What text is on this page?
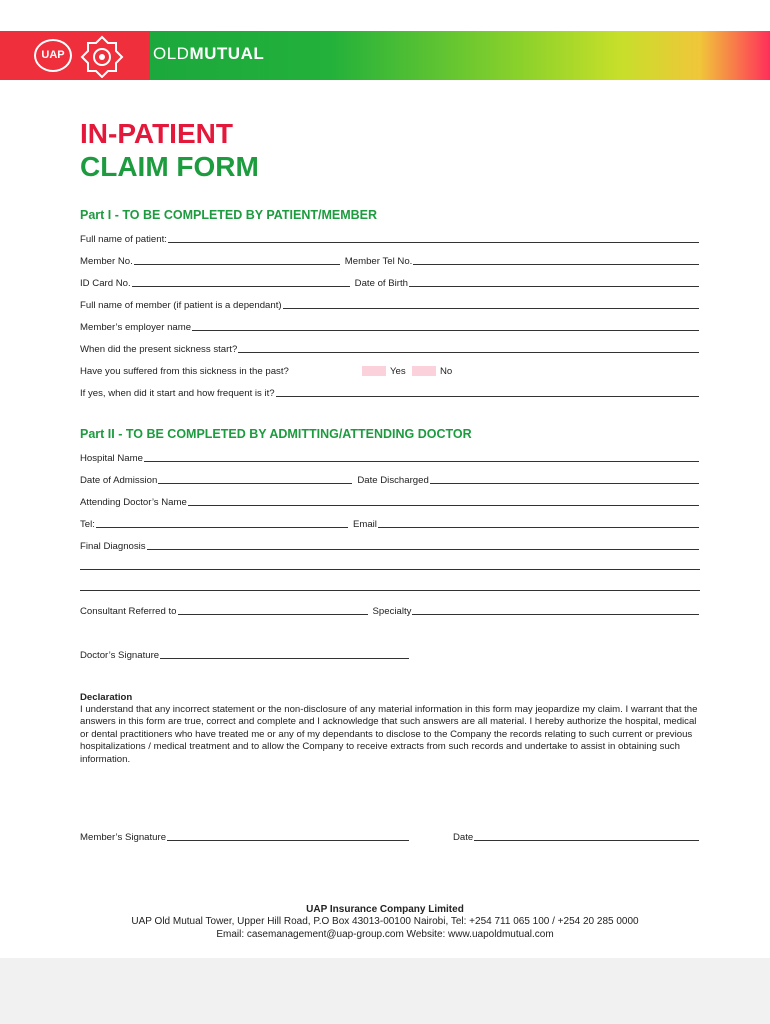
UAP	OLDMUTUAL
IN-PATIENT
CLAIM FORM
Part I - TO BE COMPLETED BY PATIENT/MEMBER
Full name of patient:
Member No.	Member Tel No.
ID Card No.	Date of Birth
Full name of member (if patient is a dependant)
Member’s employer name
When did the present sickness start?
Have you suffered from this sickness in the past?	Yes	No
If yes, when did it start and how frequent is it?
Part II - TO BE COMPLETED BY ADMITTING/ATTENDING DOCTOR
Hospital Name
Date of Admission	Date Discharged
Attending Doctor’s Name
Tel:	Email
Final Diagnosis
Consultant Referred to	Specialty
Doctor’s Signature
Declaration
I understand that any incorrect statement or the non-disclosure of any material information in this form may jeopardize my claim. I warrant that the answers in this form are true, correct and complete and I acknowledge that such answers are all material. I hereby authorize the hospital, medical or dental practitioners who have treated me or any of my dependants to disclose to the Company the records relating to such current or previous hospitalizations / medical treatment and to allow the Company to receive extracts from such records and undertake to assist in obtaining such information.
Member’s Signature	Date
UAP Insurance Company Limited
UAP Old Mutual Tower, Upper Hill Road, P.O Box 43013-00100 Nairobi, Tel: +254 711 065 100 / +254 20 285 0000
Email: casemanagement@uap-group.com Website: www.uapoldmutual.com
